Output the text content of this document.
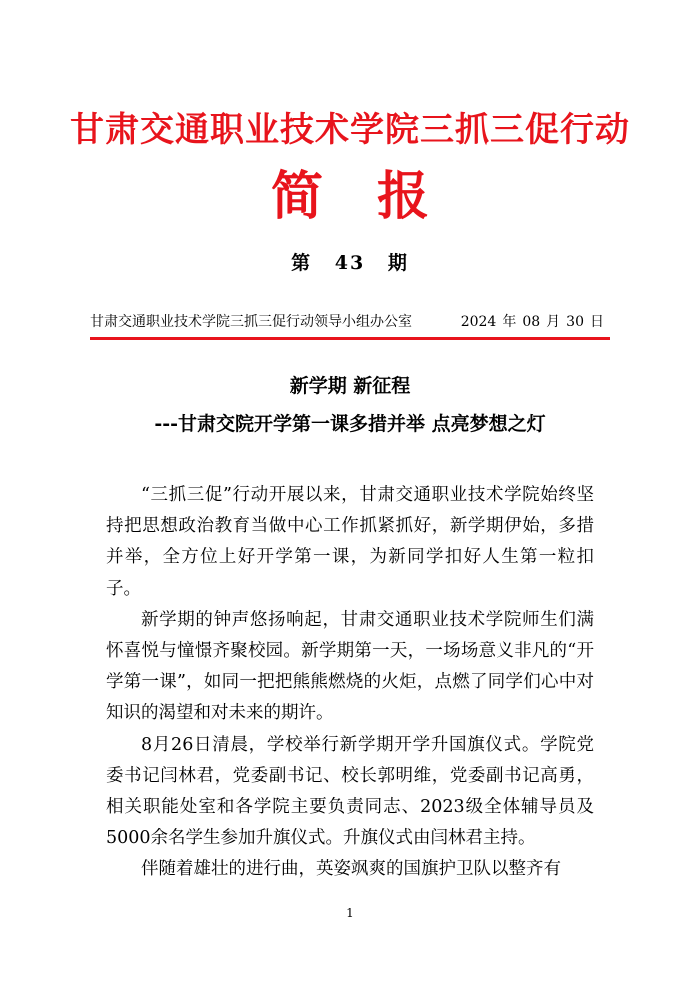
甘肃交通职业技术学院三抓三促行动
简报
第 43 期
甘肃交通职业技术学院三抓三促行动领导小组办公室	2024 年 08 月 30 日
新学期 新征程
---甘肃交院开学第一课多措并举 点亮梦想之灯

“三抓三促”行动开展以来，甘肃交通职业技术学院始终坚持把思想政治教育当做中心工作抓紧抓好，新学期伊始，多措并举，全方位上好开学第一课，为新同学扣好人生第一粒扣子。

新学期的钟声悠扬响起，甘肃交通职业技术学院师生们满怀喜悦与憧憬齐聚校园。新学期第一天，一场场意义非凡的“开学第一课”，如同一把把熊熊燃烧的火炬，点燃了同学们心中对知识的渴望和对未来的期许。

8月26日清晨，学校举行新学期开学升国旗仪式。学院党委书记闫林君，党委副书记、校长郭明维，党委副书记高勇，相关职能处室和各学院主要负责同志、2023级全体辅导员及5000余名学生参加升旗仪式。升旗仪式由闫林君主持。

伴随着雄壮的进行曲，英姿飒爽的国旗护卫队以整齐有

1
